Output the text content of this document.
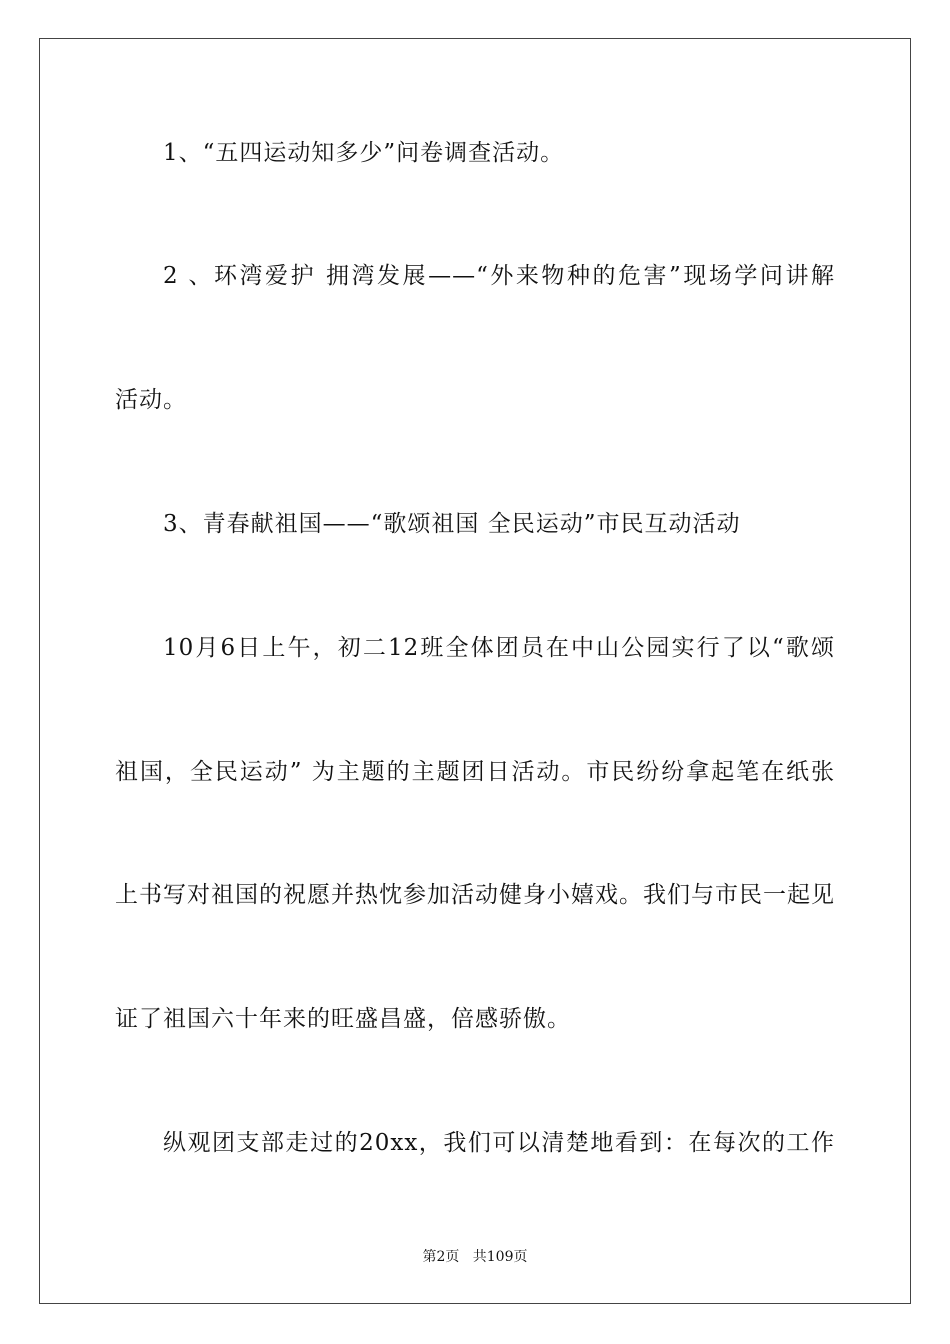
1、“五四运动知多少”问卷调查活动。
2 、环湾爱护 拥湾发展——“外来物种的危害”现场学问讲解
活动。
3、青春献祖国——“歌颂祖国 全民运动”市民互动活动
10月6日上午，初二12班全体团员在中山公园实行了以“歌颂
祖国，全民运动” 为主题的主题团日活动。市民纷纷拿起笔在纸张
上书写对祖国的祝愿并热忱参加活动健身小嬉戏。我们与市民一起见
证了祖国六十年来的旺盛昌盛，倍感骄傲。
纵观团支部走过的20xx，我们可以清楚地看到：在每次的工作
第2页 共109页
